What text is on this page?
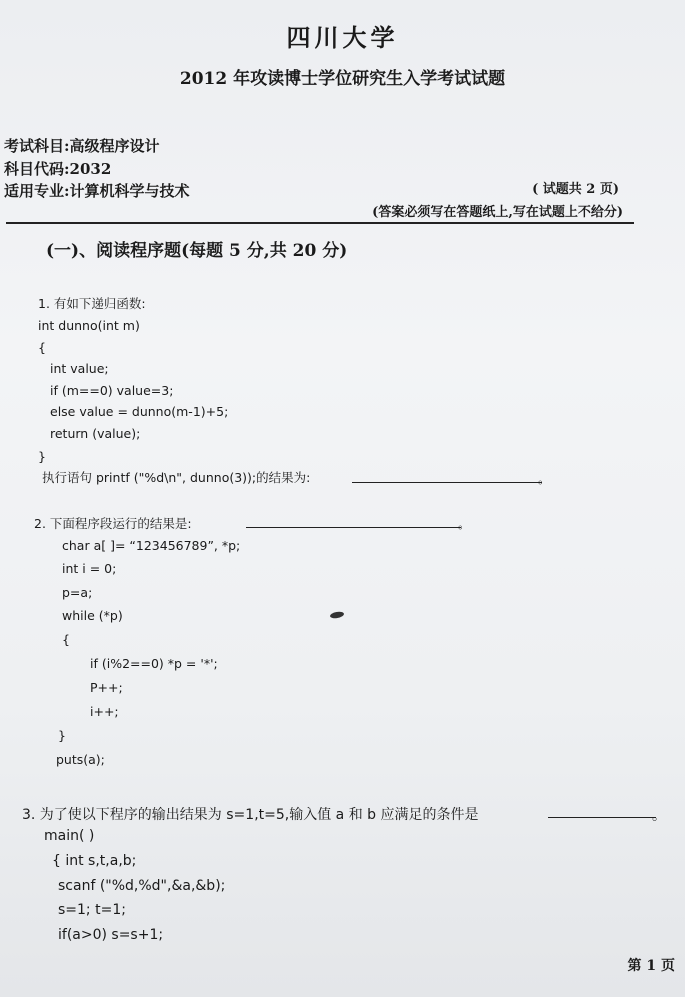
四川大学
2012 年攻读博士学位研究生入学考试试题
考试科目:高级程序设计
科目代码:2032
适用专业:计算机科学与技术	( 试题共 2 页)
(答案必须写在答题纸上,写在试题上不给分)
(一)、阅读程序题(每题 5 分,共 20 分)
1. 有如下递归函数:
int dunno(int m)
{
int value;
if (m==0) value=3;
else value = dunno(m-1)+5;
return (value);
}
执行语句 printf ("%d\n", dunno(3));的结果为:	。
2. 下面程序段运行的结果是:	。
char a[ ]= “123456789”, *p;
int i = 0;
p=a;
while (*p)
{
if (i%2==0) *p = '*';
P++;
i++;
}
puts(a);
3. 为了使以下程序的输出结果为 s=1,t=5,输入值 a 和 b 应满足的条件是	。
main( )
{ int s,t,a,b;
scanf ("%d,%d",&a,&b);
s=1; t=1;
if(a>0) s=s+1;
第 1 页
